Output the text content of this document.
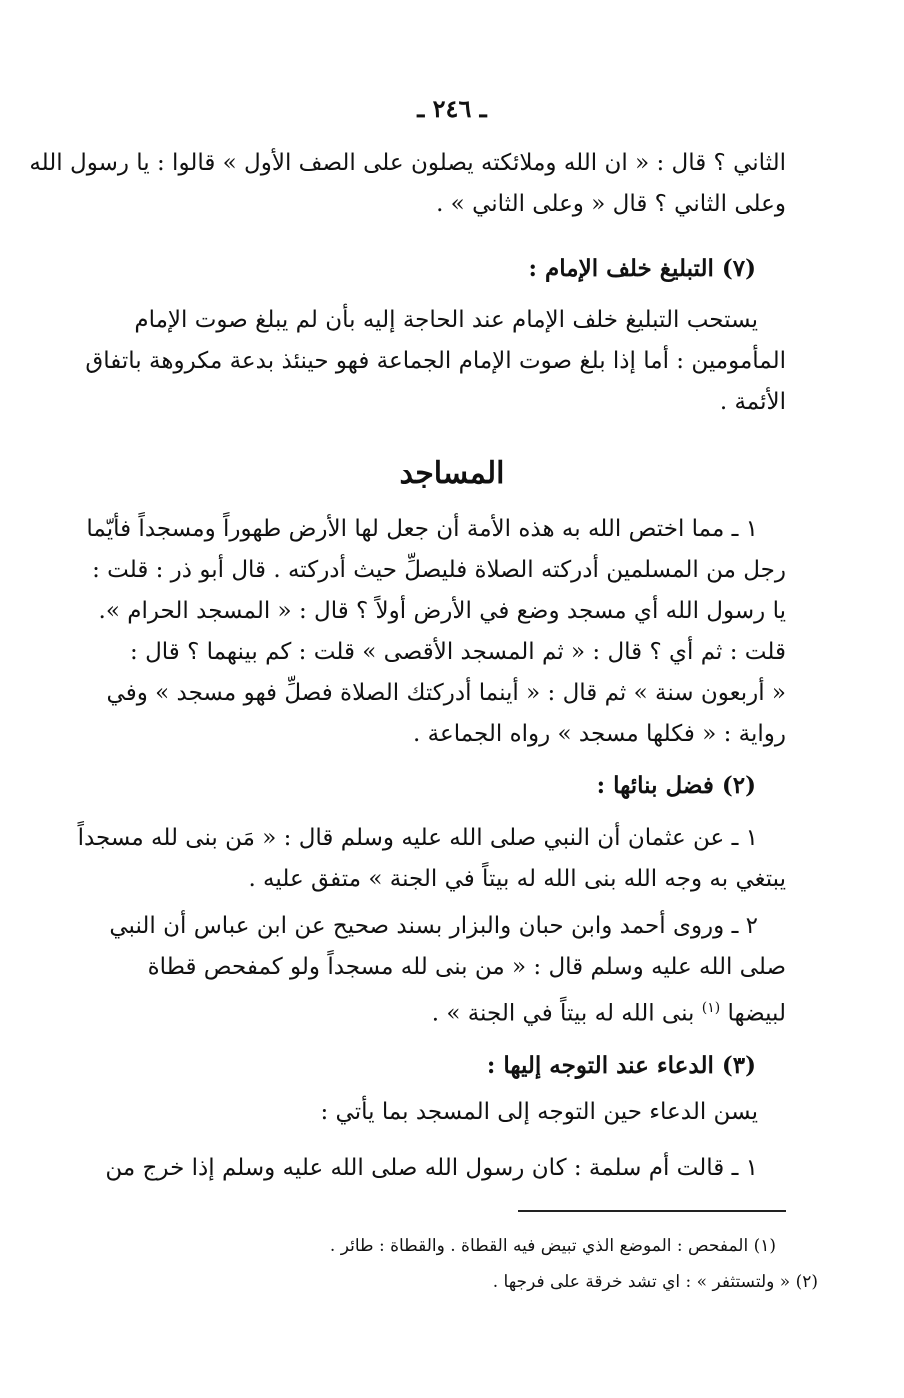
ـ ٢٤٦ ـ
الثاني ؟ قال : « ان الله وملائكته يصلون على الصف الأول » قالوا : يا رسول الله
وعلى الثاني ؟ قال « وعلى الثاني » .
(٧) التبليغ خلف الإمام :
يستحب التبليغ خلف الإمام عند الحاجة إليه بأن لم يبلغ صوت الإمام
المأمومين : أما إذا بلغ صوت الإمام الجماعة فهو حينئذ بدعة مكروهة باتفاق
الأئمة .
المساجد
١ ـ مما اختص الله به هذه الأمة أن جعل لها الأرض طهوراً ومسجداً فأيّما
رجل من المسلمين أدركته الصلاة فليصلِّ حيث أدركته . قال أبو ذر : قلت :
يا رسول الله أي مسجد وضع في الأرض أولاً ؟ قال : « المسجد الحرام ».
قلت : ثم أي ؟ قال : « ثم المسجد الأقصى » قلت : كم بينهما ؟ قال :
« أربعون سنة » ثم قال : « أينما أدركتك الصلاة فصلِّ فهو مسجد » وفي
رواية : « فكلها مسجد » رواه الجماعة .
(٢) فضل بنائها :
١ ـ عن عثمان أن النبي صلى الله عليه وسلم قال : « مَن بنى لله مسجداً
يبتغي به وجه الله بنى الله له بيتاً في الجنة » متفق عليه .
٢ ـ وروى أحمد وابن حبان والبزار بسند صحيح عن ابن عباس أن النبي
صلى الله عليه وسلم قال : « من بنى لله مسجداً ولو كمفحص قطاة
لبيضها $^{(١)}$ بنى الله له بيتاً في الجنة » .
(٣) الدعاء عند التوجه إليها :
يسن الدعاء حين التوجه إلى المسجد بما يأتي :
١ ـ قالت أم سلمة : كان رسول الله صلى الله عليه وسلم إذا خرج من
(١) المفحص : الموضع الذي تبيض فيه القطاة . والقطاة : طائر .
(٢) « ولتستثفر » : اي تشد خرقة على فرجها .
